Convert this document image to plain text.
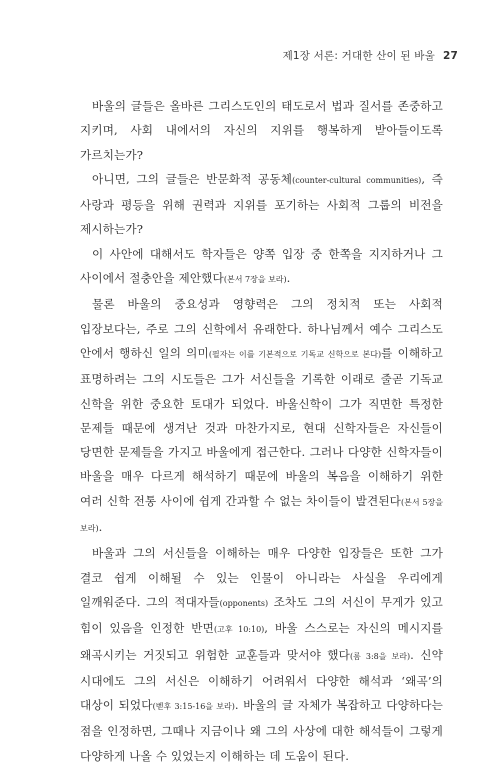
제1장 서론: 거대한 산이 된 바울 27

바울의 글들은 올바른 그리스도인의 태도로서 법과 질서를 존중하고 지키며, 사회 내에서의 자신의 지위를 행복하게 받아들이도록 가르치는가?

아니면, 그의 글들은 반문화적 공동체(counter-cultural communities), 즉 사랑과 평등을 위해 권력과 지위를 포기하는 사회적 그룹의 비전을 제시하는가?

이 사안에 대해서도 학자들은 양쪽 입장 중 한쪽을 지지하거나 그 사이에서 절충안을 제안했다(본서 7장을 보라).

물론 바울의 중요성과 영향력은 그의 정치적 또는 사회적 입장보다는, 주로 그의 신학에서 유래한다. 하나님께서 예수 그리스도 안에서 행하신 일의 의미(필자는 이를 기본적으로 기독교 신학으로 본다)를 이해하고 표명하려는 그의 시도들은 그가 서신들을 기록한 이래로 줄곧 기독교 신학을 위한 중요한 토대가 되었다. 바울신학이 그가 직면한 특정한 문제들 때문에 생겨난 것과 마찬가지로, 현대 신학자들은 자신들이 당면한 문제들을 가지고 바울에게 접근한다. 그러나 다양한 신학자들이 바울을 매우 다르게 해석하기 때문에 바울의 복음을 이해하기 위한 여러 신학 전통 사이에 쉽게 간과할 수 없는 차이들이 발견된다(본서 5장을 보라).

바울과 그의 서신들을 이해하는 매우 다양한 입장들은 또한 그가 결코 쉽게 이해될 수 있는 인물이 아니라는 사실을 우리에게 일깨워준다. 그의 적대자들(opponents) 조차도 그의 서신이 무게가 있고 힘이 있음을 인정한 반면(고후 10:10), 바울 스스로는 자신의 메시지를 왜곡시키는 거짓되고 위험한 교훈들과 맞서야 했다(롬 3:8을 보라). 신약 시대에도 그의 서신은 이해하기 어려워서 다양한 해석과 ‘왜곡’의 대상이 되었다(벧후 3:15-16을 보라). 바울의 글 자체가 복잡하고 다양하다는 점을 인정하면, 그때나 지금이나 왜 그의 사상에 대한 해석들이 그렇게 다양하게 나올 수 있었는지 이해하는 데 도움이 된다.
